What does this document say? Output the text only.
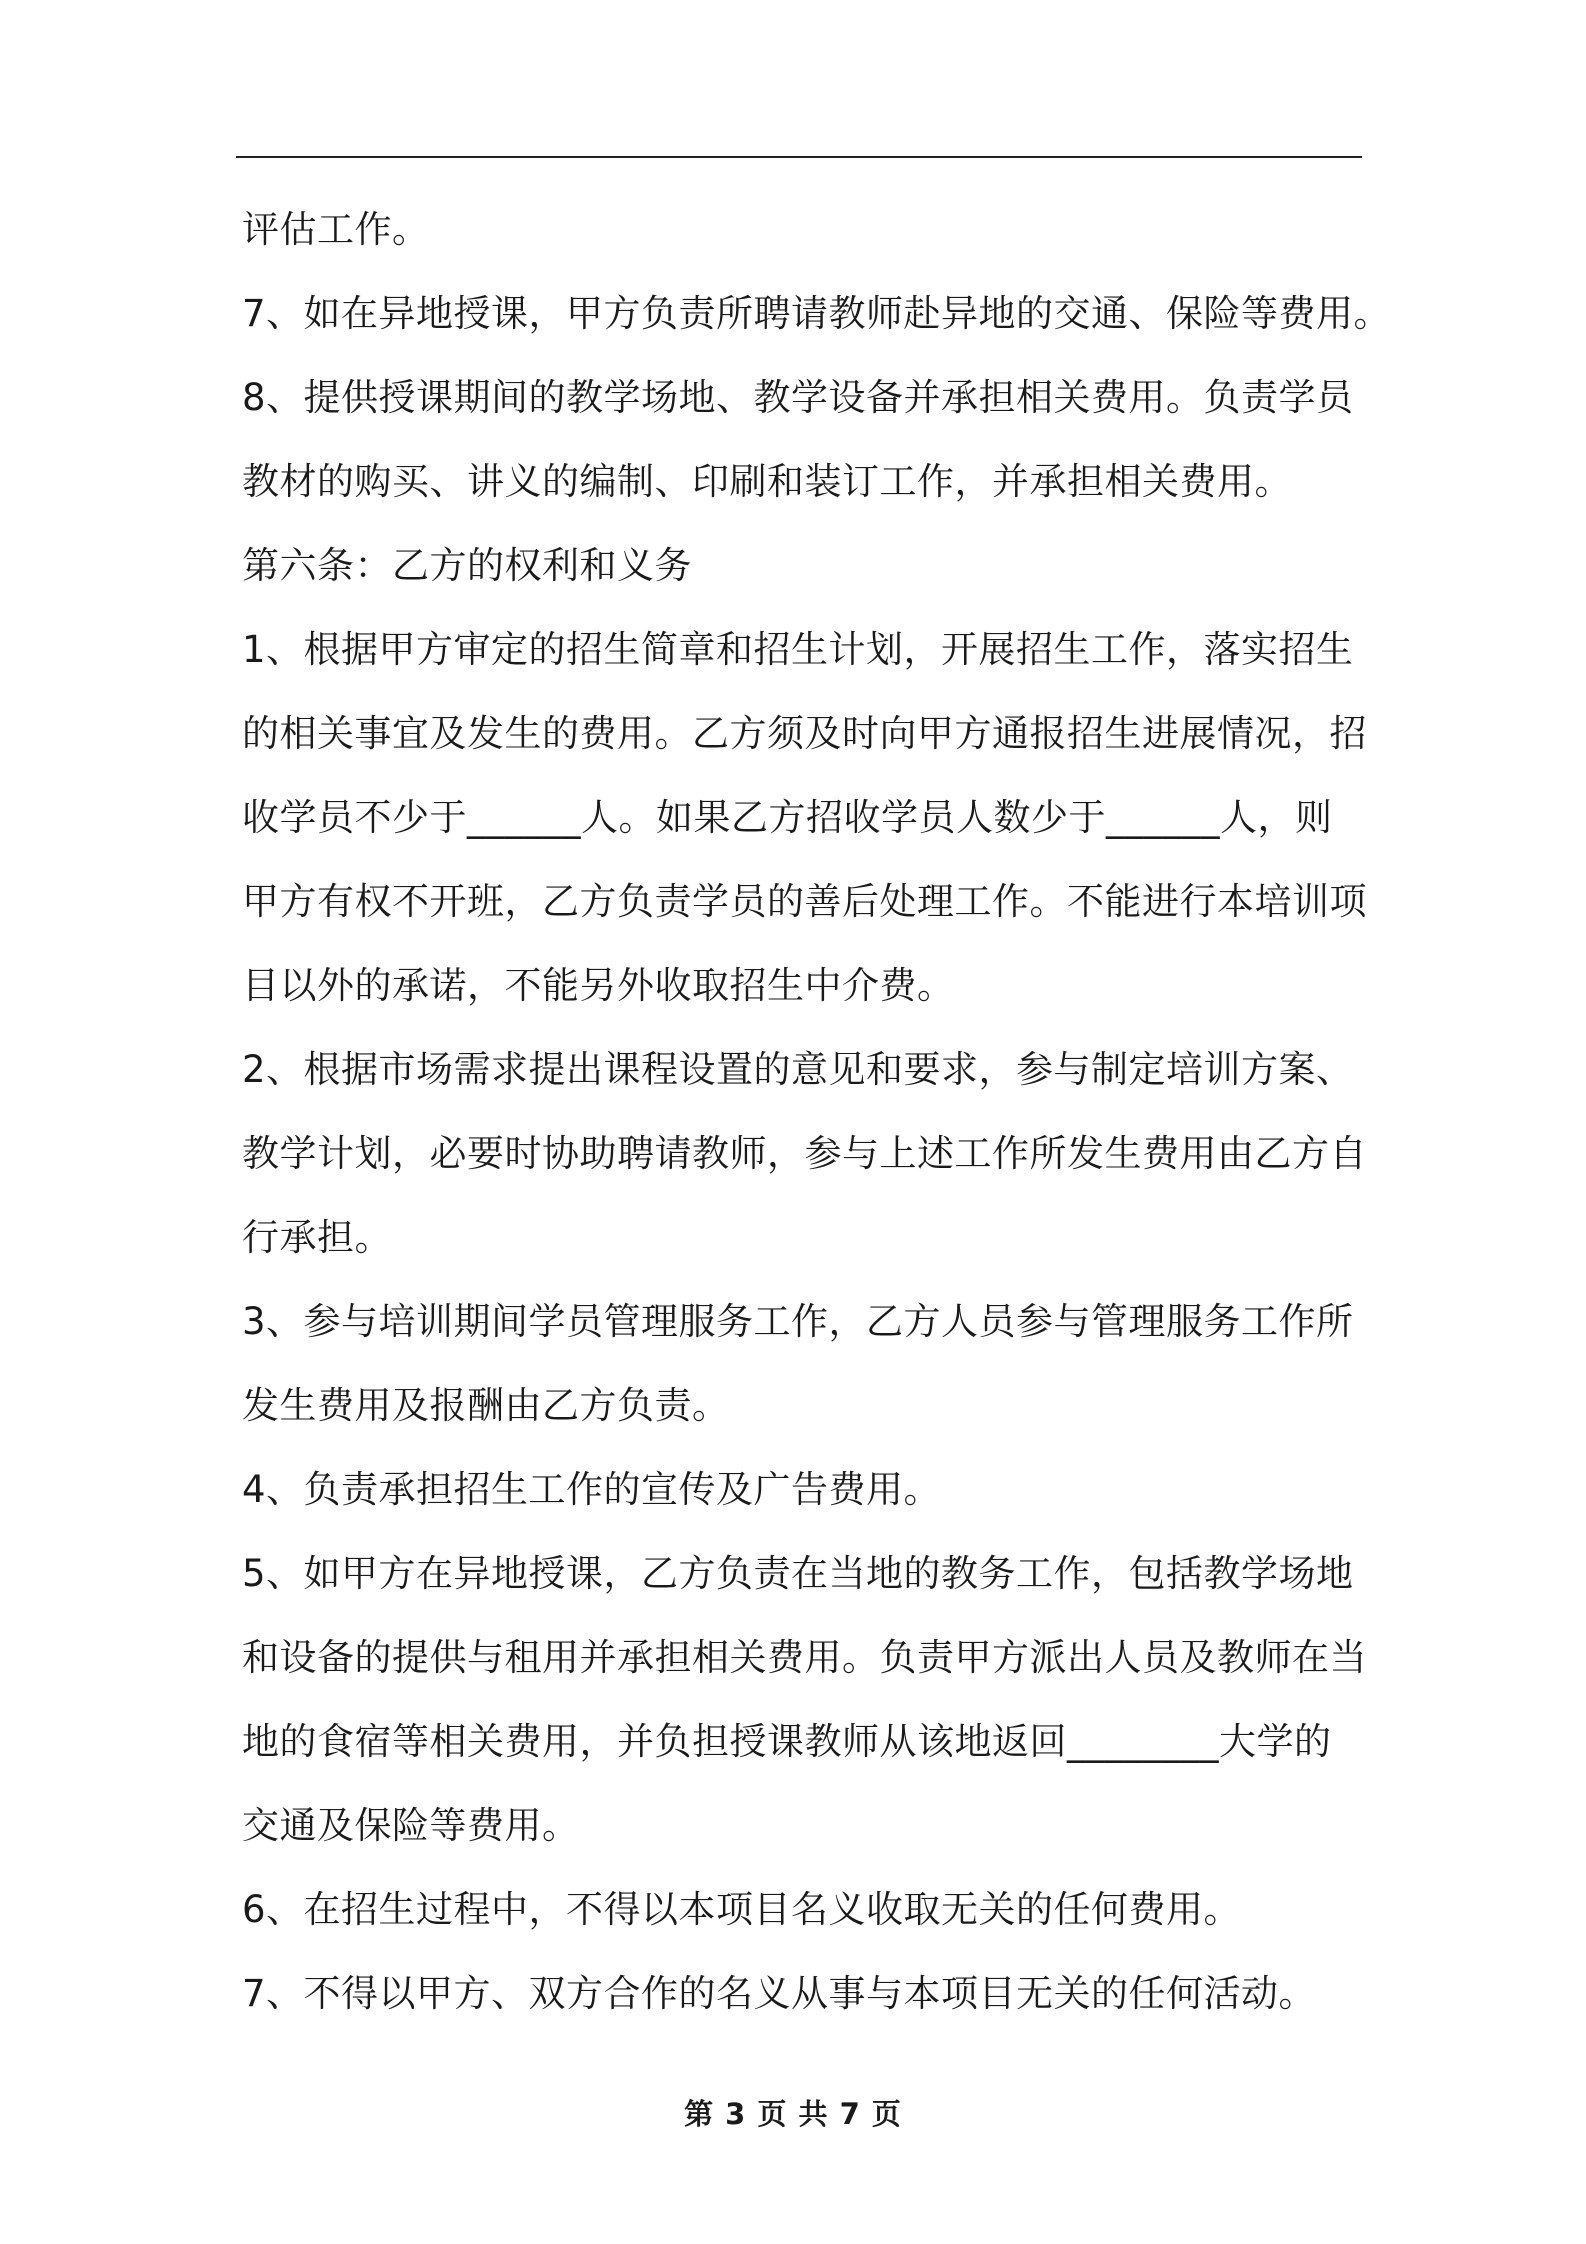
评估工作。
7、如在异地授课，甲方负责所聘请教师赴异地的交通、保险等费用。
8、提供授课期间的教学场地、教学设备并承担相关费用。负责学员
教材的购买、讲义的编制、印刷和装订工作，并承担相关费用。
第六条：乙方的权利和义务
1、根据甲方审定的招生简章和招生计划，开展招生工作，落实招生
的相关事宜及发生的费用。乙方须及时向甲方通报招生进展情况，招
收学员不少于______人。如果乙方招收学员人数少于______人，则
甲方有权不开班，乙方负责学员的善后处理工作。不能进行本培训项
目以外的承诺，不能另外收取招生中介费。
2、根据市场需求提出课程设置的意见和要求，参与制定培训方案、
教学计划，必要时协助聘请教师，参与上述工作所发生费用由乙方自
行承担。
3、参与培训期间学员管理服务工作，乙方人员参与管理服务工作所
发生费用及报酬由乙方负责。
4、负责承担招生工作的宣传及广告费用。
5、如甲方在异地授课，乙方负责在当地的教务工作，包括教学场地
和设备的提供与租用并承担相关费用。负责甲方派出人员及教师在当
地的食宿等相关费用，并负担授课教师从该地返回________大学的
交通及保险等费用。
6、在招生过程中，不得以本项目名义收取无关的任何费用。
7、不得以甲方、双方合作的名义从事与本项目无关的任何活动。
第 3 页 共 7 页
